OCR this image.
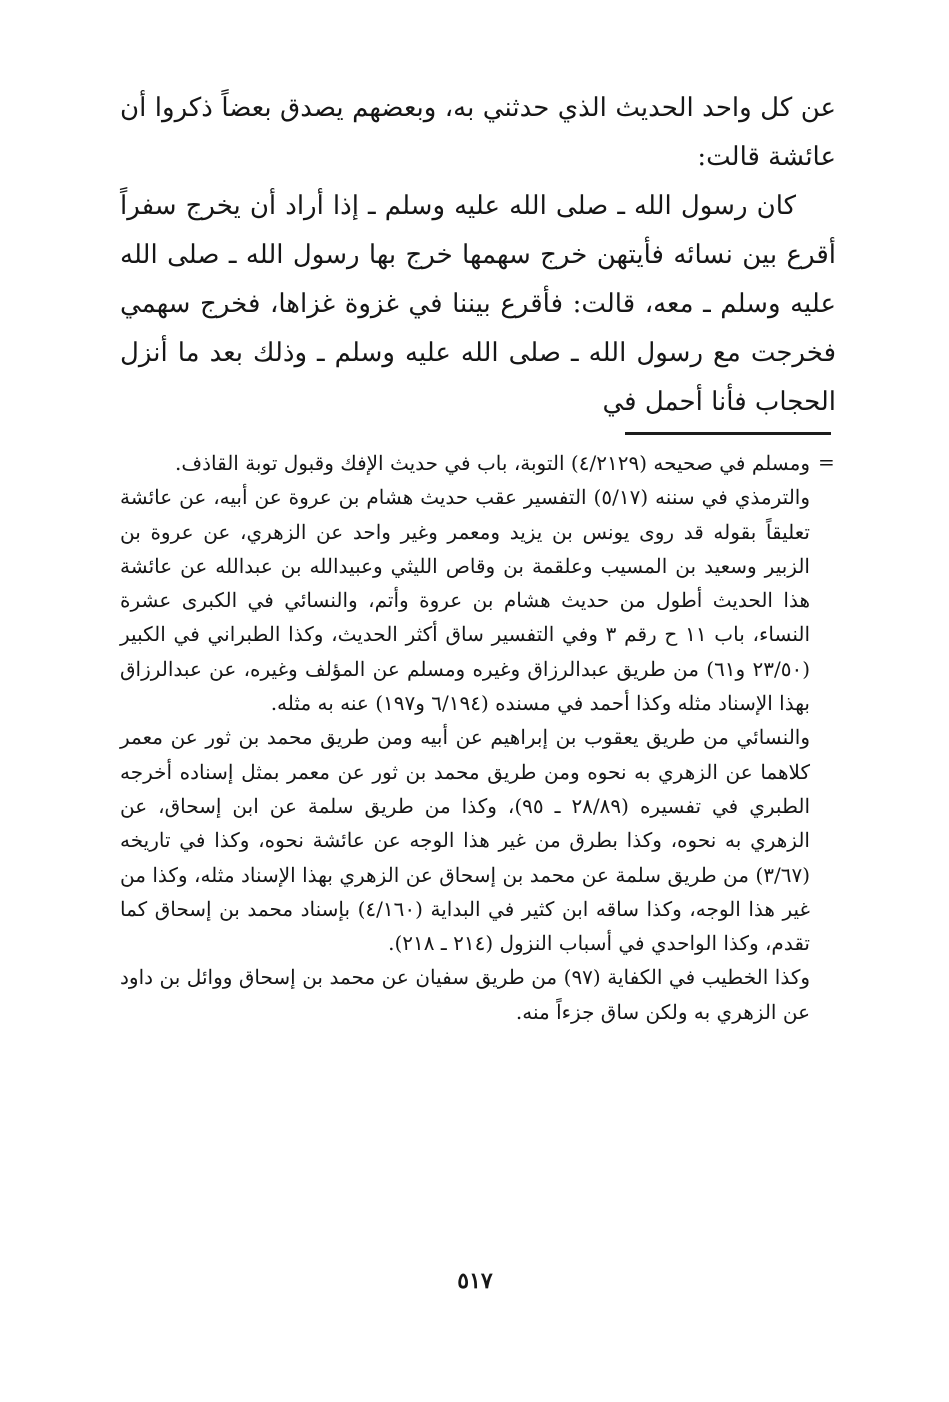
عن كل واحد الحديث الذي حدثني به، وبعضهم يصدق بعضاً ذكروا أن عائشة قالت:

كان رسول الله ـ صلى الله عليه وسلم ـ إذا أراد أن يخرج سفراً أقرع بين نسائه فأيتهن خرج سهمها خرج بها رسول الله ـ صلى الله عليه وسلم ـ معه، قالت: فأقرع بيننا في غزوة غزاها، فخرج سهمي فخرجت مع رسول الله ـ صلى الله عليه وسلم ـ وذلك بعد ما أنزل الحجاب فأنا أحمل في

=

ومسلم في صحيحه (٤/٢١٢٩) التوبة، باب في حديث الإفك وقبول توبة القاذف.

والترمذي في سننه (٥/١٧) التفسير عقب حديث هشام بن عروة عن أبيه، عن عائشة تعليقاً بقوله قد روى يونس بن يزيد ومعمر وغير واحد عن الزهري، عن عروة بن الزبير وسعيد بن المسيب وعلقمة بن وقاص الليثي وعبيدالله بن عبدالله عن عائشة هذا الحديث أطول من حديث هشام بن عروة وأتم، والنسائي في الكبرى عشرة النساء، باب ١١ ح رقم ٣ وفي التفسير ساق أكثر الحديث، وكذا الطبراني في الكبير (٢٣/٥٠ و٦١) من طريق عبدالرزاق وغيره ومسلم عن المؤلف وغيره، عن عبدالرزاق بهذا الإسناد مثله وكذا أحمد في مسنده (٦/١٩٤ و١٩٧) عنه به مثله.

والنسائي من طريق يعقوب بن إبراهيم عن أبيه ومن طريق محمد بن ثور عن معمر كلاهما عن الزهري به نحوه ومن طريق محمد بن ثور عن معمر بمثل إسناده أخرجه الطبري في تفسيره (٢٨/٨٩ ـ ٩٥)، وكذا من طريق سلمة عن ابن إسحاق، عن الزهري به نحوه، وكذا بطرق من غير هذا الوجه عن عائشة نحوه، وكذا في تاريخه (٣/٦٧) من طريق سلمة عن محمد بن إسحاق عن الزهري بهذا الإسناد مثله، وكذا من غير هذا الوجه، وكذا ساقه ابن كثير في البداية (٤/١٦٠) بإسناد محمد بن إسحاق كما تقدم، وكذا الواحدي في أسباب النزول (٢١٤ ـ ٢١٨).

وكذا الخطيب في الكفاية (٩٧) من طريق سفيان عن محمد بن إسحاق ووائل بن داود عن الزهري به ولكن ساق جزءاً منه.

٥١٧
